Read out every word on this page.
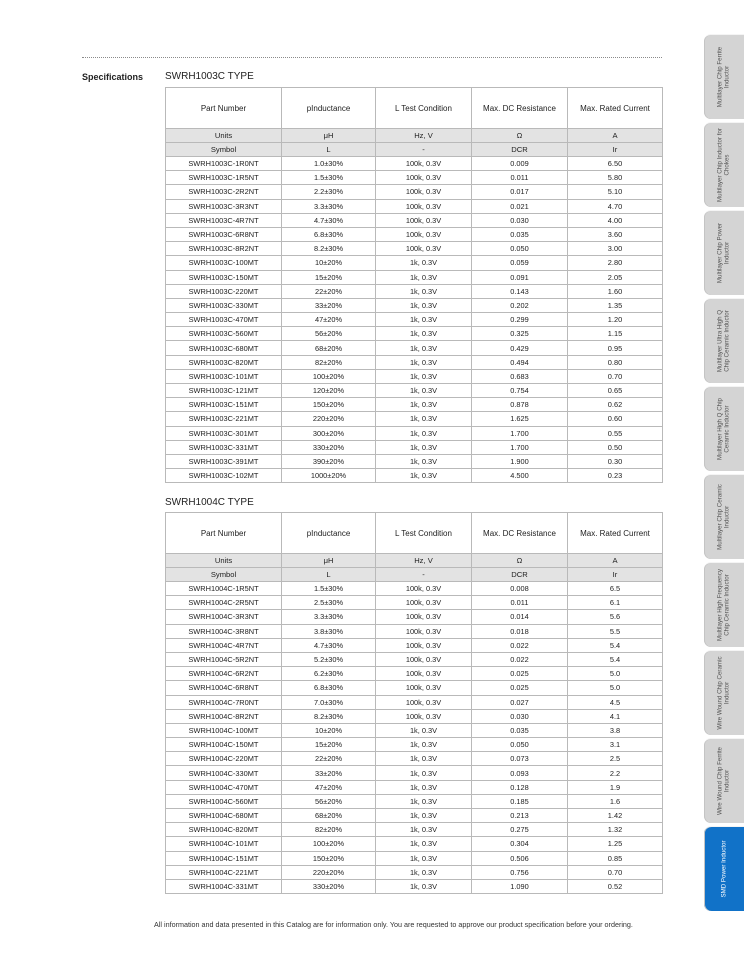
Specifications SWRH1003C TYPE
Part Number	pInductance	L Test Condition	Max. DC Resistance	Max. Rated Current
Units	μH	Hz, V	Ω	A
Symbol	L	-	DCR	Ir
SWRH1003C-1R0NT	1.0±30%	100k, 0.3V	0.009	6.50
SWRH1003C-1R5NT	1.5±30%	100k, 0.3V	0.011	5.80
SWRH1003C-2R2NT	2.2±30%	100k, 0.3V	0.017	5.10
SWRH1003C-3R3NT	3.3±30%	100k, 0.3V	0.021	4.70
SWRH1003C-4R7NT	4.7±30%	100k, 0.3V	0.030	4.00
SWRH1003C-6R8NT	6.8±30%	100k, 0.3V	0.035	3.60
SWRH1003C-8R2NT	8.2±30%	100k, 0.3V	0.050	3.00
SWRH1003C-100MT	10±20%	1k, 0.3V	0.059	2.80
SWRH1003C-150MT	15±20%	1k, 0.3V	0.091	2.05
SWRH1003C-220MT	22±20%	1k, 0.3V	0.143	1.60
SWRH1003C-330MT	33±20%	1k, 0.3V	0.202	1.35
SWRH1003C-470MT	47±20%	1k, 0.3V	0.299	1.20
SWRH1003C-560MT	56±20%	1k, 0.3V	0.325	1.15
SWRH1003C-680MT	68±20%	1k, 0.3V	0.429	0.95
SWRH1003C-820MT	82±20%	1k, 0.3V	0.494	0.80
SWRH1003C-101MT	100±20%	1k, 0.3V	0.683	0.70
SWRH1003C-121MT	120±20%	1k, 0.3V	0.754	0.65
SWRH1003C-151MT	150±20%	1k, 0.3V	0.878	0.62
SWRH1003C-221MT	220±20%	1k, 0.3V	1.625	0.60
SWRH1003C-301MT	300±20%	1k, 0.3V	1.700	0.55
SWRH1003C-331MT	330±20%	1k, 0.3V	1.700	0.50
SWRH1003C-391MT	390±20%	1k, 0.3V	1.900	0.30
SWRH1003C-102MT	1000±20%	1k, 0.3V	4.500	0.23
SWRH1004C TYPE
Part Number	pInductance	L Test Condition	Max. DC Resistance	Max. Rated Current
Units	μH	Hz, V	Ω	A
Symbol	L	-	DCR	Ir
SWRH1004C-1R5NT	1.5±30%	100k, 0.3V	0.008	6.5
SWRH1004C-2R5NT	2.5±30%	100k, 0.3V	0.011	6.1
SWRH1004C-3R3NT	3.3±30%	100k, 0.3V	0.014	5.6
SWRH1004C-3R8NT	3.8±30%	100k, 0.3V	0.018	5.5
SWRH1004C-4R7NT	4.7±30%	100k, 0.3V	0.022	5.4
SWRH1004C-5R2NT	5.2±30%	100k, 0.3V	0.022	5.4
SWRH1004C-6R2NT	6.2±30%	100k, 0.3V	0.025	5.0
SWRH1004C-6R8NT	6.8±30%	100k, 0.3V	0.025	5.0
SWRH1004C-7R0NT	7.0±30%	100k, 0.3V	0.027	4.5
SWRH1004C-8R2NT	8.2±30%	100k, 0.3V	0.030	4.1
SWRH1004C-100MT	10±20%	1k, 0.3V	0.035	3.8
SWRH1004C-150MT	15±20%	1k, 0.3V	0.050	3.1
SWRH1004C-220MT	22±20%	1k, 0.3V	0.073	2.5
SWRH1004C-330MT	33±20%	1k, 0.3V	0.093	2.2
SWRH1004C-470MT	47±20%	1k, 0.3V	0.128	1.9
SWRH1004C-560MT	56±20%	1k, 0.3V	0.185	1.6
SWRH1004C-680MT	68±20%	1k, 0.3V	0.213	1.42
SWRH1004C-820MT	82±20%	1k, 0.3V	0.275	1.32
SWRH1004C-101MT	100±20%	1k, 0.3V	0.304	1.25
SWRH1004C-151MT	150±20%	1k, 0.3V	0.506	0.85
SWRH1004C-221MT	220±20%	1k, 0.3V	0.756	0.70
SWRH1004C-331MT	330±20%	1k, 0.3V	1.090	0.52
All information and data presented in this Catalog are for information only. You are requested to approve our product specification before your ordering.
Multilayer Chip Ferrite Inductor
Multilayer Chip Inductor for Chokes
Multilayer Chip Power Inductor
Multilayer Ultra High Q Chip Ceramic Inductor
Multilayer High Q Chip Ceramic Inductor
Multilayer Chip Ceramic Inductor
Multilayer High Frequency Chip Ceramic Inductor
Wire Wound Chip Ceramic Inductor
Wire Wound Chip Ferrite Inductor
SMD Power Inductor
